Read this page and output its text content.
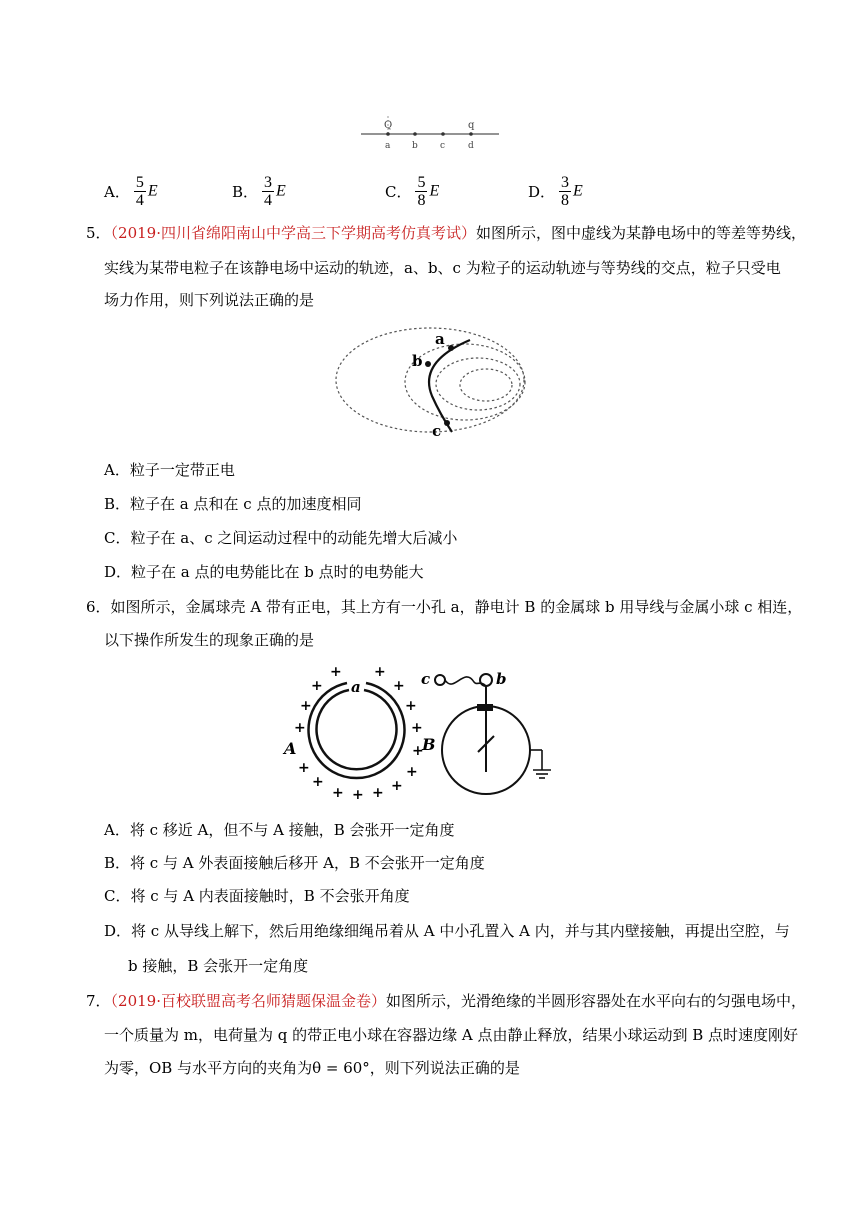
Q	q
a b c	d
A． $\frac{5}{4}$ E	B． $\frac{3}{4}$ E	C． $\frac{5}{8}$ E	D． $\frac{3}{8}$ E
5．（2019·四川省绵阳南山中学高三下学期高考仿真考试）如图所示，图中虚线为某静电场中的等差等势线，
实线为某带电粒子在该静电场中运动的轨迹，a、b、c 为粒子的运动轨迹与等势线的交点，粒子只受电
场力作用，则下列说法正确的是
a
b
c
A．粒子一定带正电
B．粒子在 a 点和在 c 点的加速度相同
C．粒子在 a、c 之间运动过程中的动能先增大后减小
D．粒子在 a 点的电势能比在 b 点时的电势能大
6．如图所示，金属球壳 A 带有正电，其上方有一小孔 a，静电计 B 的金属球 b 用导线与金属小球 c 相连，
以下操作所发生的现象正确的是
a
A
+ +
+	+
+	+
+	+
+
+	+
+	+
+ + +
B
b
c
A．将 c 移近 A，但不与 A 接触，B 会张开一定角度
B．将 c 与 A 外表面接触后移开 A，B 不会张开一定角度
C．将 c 与 A 内表面接触时，B 不会张开角度
D．将 c 从导线上解下，然后用绝缘细绳吊着从 A 中小孔置入 A 内，并与其内壁接触，再提出空腔，与
b 接触，B 会张开一定角度
7．（2019·百校联盟高考名师猜题保温金卷）如图所示，光滑绝缘的半圆形容器处在水平向右的匀强电场中，
一个质量为 m，电荷量为 q 的带正电小球在容器边缘 A 点由静止释放，结果小球运动到 B 点时速度刚好
为零，OB 与水平方向的夹角为θ = 60°，则下列说法正确的是
